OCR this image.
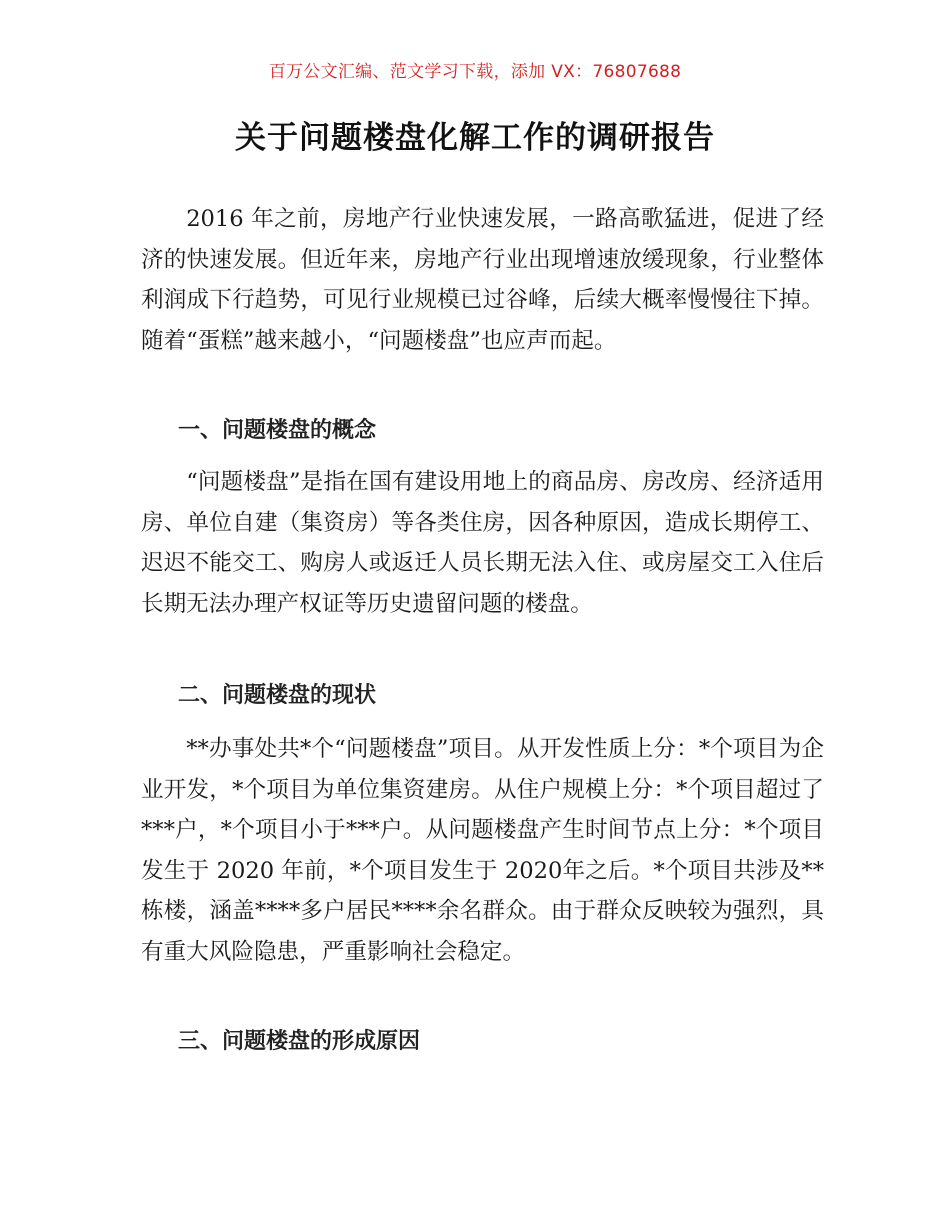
百万公文汇编、范文学习下载，添加 VX：76807688
关于问题楼盘化解工作的调研报告

2016 年之前，房地产行业快速发展，一路高歌猛进，促进了经济的快速发展。但近年来，房地产行业出现增速放缓现象，行业整体利润成下行趋势，可见行业规模已过谷峰，后续大概率慢慢往下掉。随着“蛋糕”越来越小，“问题楼盘”也应声而起。

一、问题楼盘的概念

“问题楼盘”是指在国有建设用地上的商品房、房改房、经济适用房、单位自建（集资房）等各类住房，因各种原因，造成长期停工、迟迟不能交工、购房人或返迁人员长期无法入住、或房屋交工入住后长期无法办理产权证等历史遗留问题的楼盘。

二、问题楼盘的现状

**办事处共*个“问题楼盘”项目。从开发性质上分：*个项目为企业开发，*个项目为单位集资建房。从住户规模上分：*个项目超过了***户，*个项目小于***户。从问题楼盘产生时间节点上分：*个项目发生于 2020 年前，*个项目发生于 2020年之后。*个项目共涉及**栋楼，涵盖****多户居民****余名群众。由于群众反映较为强烈，具有重大风险隐患，严重影响社会稳定。

三、问题楼盘的形成原因
